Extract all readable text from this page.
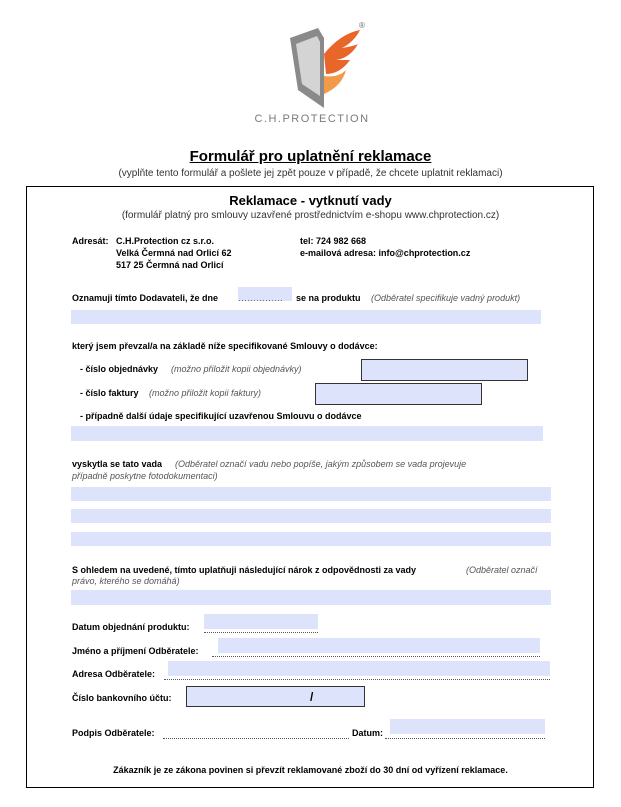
®
C.H.PROTECTION
Formulář pro uplatnění reklamace
(vyplňte tento formulář a pošlete jej zpět pouze v případě, že chcete uplatnit reklamaci)
Reklamace - vytknutí vady
(formulář platný pro smlouvy uzavřené prostřednictvím e-shopu www.chprotection.cz)
Adresát: C.H.Protection cz s.r.o.
Velká Čermná nad Orlicí 62
517 25 Čermná nad Orlicí
tel: 724 982 668
e-mailová adresa: info@chprotection.cz
Oznamuji tímto Dodavateli, že dne …………… se na produktu (Odběratel specifikuje vadný produkt)
který jsem převzal/a na základě níže specifikované Smlouvy o dodávce:
- číslo objednávky (možno přiložit kopii objednávky)
- číslo faktury (možno přiložit kopii faktury)
- případně další údaje specifikující uzavřenou Smlouvu o dodávce
vyskytla se tato vada (Odběratel označí vadu nebo popíše, jakým způsobem se vada projevuje
případně poskytne fotodokumentaci)
S ohledem na uvedené, tímto uplatňuji následující nárok z odpovědnosti za vady	(Odběratel označí
právo, kterého se domáhá)
Datum objednání produktu:
Jméno a příjmení Odběratele:
Adresa Odběratele:
Číslo bankovního účtu:	/
Podpis Odběratele:	Datum:
Zákazník je ze zákona povinen si převzít reklamované zboží do 30 dní od vyřízení reklamace.
